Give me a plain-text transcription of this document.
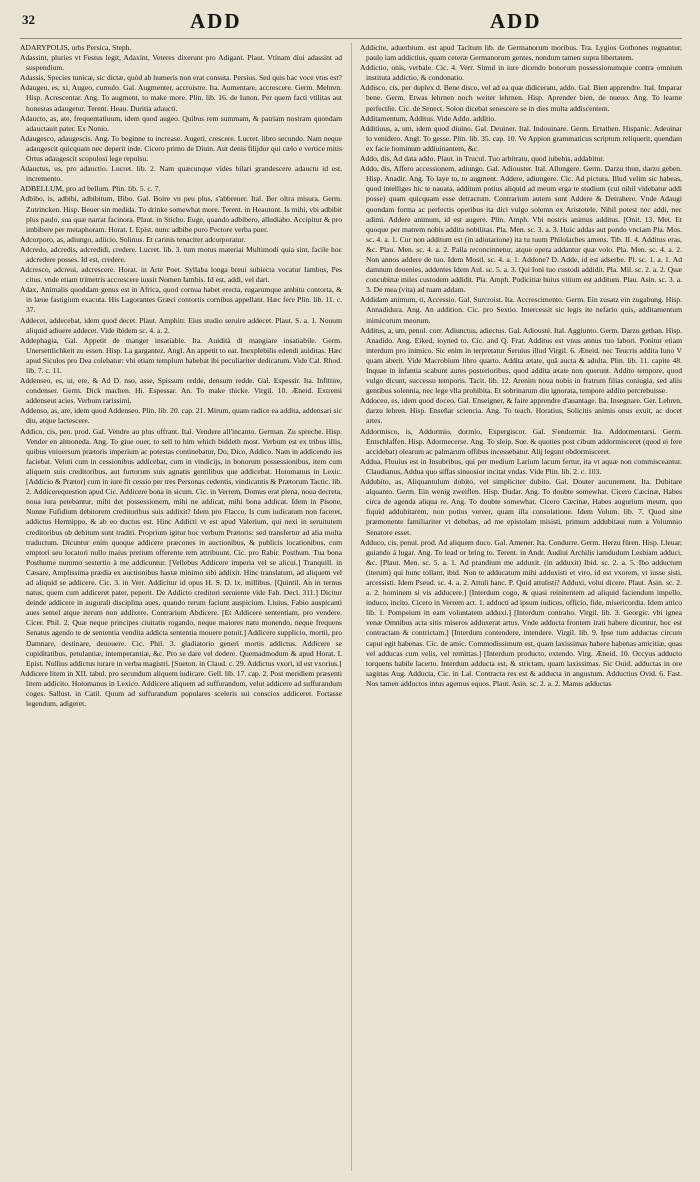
32	ADD	ADD

ADARYPOLIS, urbs Persica, Steph.

Adassint, pluries vt Festus legit, Adaxint, Veteres dixerunt pro Adigant. Plaut. Vtinam diui adassint ad suspendium.

Adassis, Species tunicæ, sic dictæ, quòd ab humeris non erat consuta. Persius. Sed quis hac voce vtus est?

Adaugeo, es, xi, Augeo, cumulo. Gal. Augmenter, accroistre. Ita. Aumentare, accrescere. Germ. Mehren. Hisp. Acrescentar. Ang. To augment, to make more. Plin. lib. 16. de Iunon. Per quem facti vtilitas aut honestas adaugetur. Terent. Heau. Duritia adaucti.

Adaucto, as, ate, frequentatiuum, idem quod augeo. Quibus rem summam, & patriam nostram quondam adauctauit pater. Ex Nonio.

Adaugesco, adaugescis. Ang. To beginne to increase. Augeri, crescere. Lucret. libro secundo. Nam neque adaugescit quicquam nec deperit inde. Cicero primo de Diuin. Aut denis filijdor qui cælo e vertice mitis Ortus adaugescit scopulosi lege repulsu.

Adauctus, us, pro adauctio. Lucret. lib. 2. Nam quæcunque vides hilari grandescere adauctu id est, incremento.

ADBELLUM, pro ad bellum. Plin. lib. 5. c. 7.

Adbibo, is, adbibi, adbibitum, Bibo. Gal. Boire vn peu plus, s'abbreuer. Ital. Ber oltra misura. Germ. Zutrincken. Hisp. Beuer sin medida. To drinke somewhat more. Terent. in Heautont. Is mihi, vbi adbibit plus paulo, sua quæ narrat facinora. Plaut. in Sticho. Euge, quando adbibero, alludiabo. Accipitur & pro imbibere per metaphoram. Horat. I. Epist. nunc adbibe puro Pectore verba puer.

Adcorporo, as, adiungo, adiicio. Solinus. Et carinis tenaciter adcorporatur.

Adcredo, adcredis, adcredidi, credere. Lucret. lib. 3. tum motus materiai Multimodi quia sint, facile hoc adcredere posses. Id est, credere.

Adcresco, adcreui, adcrescere. Horat. in Arte Poet. Syllaba longa breui subiecta vocatur Iambus, Pes citus. vnde etiam trimetris accrescere iussit Nomen Iambis. Id est, addi, vel dari.

Adax, Animalis quoddam genus est in Africa, quod cornua habet erecta, rugarumque ambitu contorta, & in læue fastigium exacuta. His Lagorantes Græci contortis cornibus appellant. Hæc fere Plin. lib. 11. c. 37.

Addecet, addecebat, idem quod decet. Plaut. Amphitr. Eius studio seruire addecet. Plaut. S. a. 1. Nouum aliquid adiuere addecet. Vide ibidem sc. 4. a. 2.

Addephagia, Gal. Appetit de manger insatiable. Ita. Auidità di mangiare insatiabile. Germ. Unersettlichkeit zu essen. Hisp. La gargantez. Angl. An appetit to eat. Inexplebilis edendi auiditas. Hæc apud Siculos pro Dea colebatur: vbi etiam templum habebat ibi peculiariter dedicatum. Vide Cal. Rhod. lib. 7. c. 11.

Addenseo, es, ui, ere, & Ad D. nso, asse, Spissum redde, densum redde. Gal. Espessir. Ita. Infittire, condenser. Germ. Dick machen. Hi. Espessar. An. To make thicke. Virgil. 10. Æneid. Extremi addenseut acies. Verbum rarissimi.

Addenso, as, are, idem quod Addenseo. Plin. lib. 20. cap. 21. Mirum, quam radice ea addita, addensari sic diu, atque lactescere.

Addico, cis, pen. prod. Gal. Vendre au plus offrant. Ital. Vendere all'incanto. German. Zu spreche. Hisp. Vender en almoneda. Ang. To giue ouer, to sell to him which biddeth most. Verbum est ex tribus illis, quibus vniuersum prætoris imperium ac potestas continebatur, Do, Dico, Addico. Nam in addicendo ius faciebat. Veluti cum in cessionibus addicebat, cum in vindicijs, in bonorum possessionibus, item cum aliquem suis creditoribus, aut furtorum suis agnatis gentilibus que addicebat. Hotomanus in Lexic. [Addicio & Prætor] cum in iure fit cessio per tres Personas cedentis, vindicantis & Prætorum Tactic. lib. 2. Addicerequestion apud Cic. Addicere bona in sicum. Cic. in Verrem, Domus erat plena, noua decreta, noua iura petebantur, mihi det possessionem, mihi ne addicat, mihi bona addicat. Idem in Pisone, Nonne Fufidium debitorem creditoribus suis addixit? Idem pro Flacco, Is cum iudicatum non faceret, addictus Hermippo, & ab eo ductus est. Hinc Addicti vt est apud Valerium, qui nexi in seruitutem creditoribus ob debitum sunt traditi. Proprium igitur hoc verbum Prætoris: sed transfertur ad alia multa traductum. Dicuntur enim quoque addicere præcones in auctionibus, & publicis locationibus, cum emptori seu locatori nullo maius pretium offerente rem attribuunt. Cic. pro Rabir. Posthum. Tua bona Posthume nummo sestertio à me addicuntur. [Vellebus Addicere imperia vel se alicui.] Tranquill. in Cæsare, Amplissima prædia ex auctionibus hastæ minimo sibi addixit. Hinc translatum, ad aliquem vel ad aliquid se addicere. Cic. 3. in Verr. Addicitur id opus H. S. D. lx. millibus. [Quintil. An in ternus natus, quem cum addiceret pater, peperit. De Addicto creditori seruiente vide Fab. Decl. 311.] Dicitur deinde addicere in augurali disciplina aues, quando rerum faciunt auspicium. Liuius, Fabio auspicanti aues semel atque iterum non addixere. Contrarium Abdicere. [Et Addicere sententiam, pro vendere. Cicer. Phil. 2. Quæ neque principes ciuitatis rogando, neque maiores natu monendo, neque frequens Senatus agendo te de sententia vendita addicta sententia mouere potuit.] Addicere supplicio, mortii, pro Damnare, destinare, deuouere. Cic. Phil. 3. gladiatorio generi mortis addictus. Addicere se cupiditatibus, petulantiæ, intemperantiæ, &c. Pro se dare vel dedere. Quemadmodum & apud Horat. I. Epist. Nullius addictus iurare in verba magistri. [Sueton. in Claud. c. 29. Addictus vxori, id est vxorius.]

Addicere litem in XII. tabul. pro secundum aliquem iudicare. Gell. lib. 17. cap. 2. Post meridiem præsenti litem addicito. Hotomanus in Lexico. Addicere aliquem ad suffurandum, velut addicere ad suffurandum coges. Sallust. in Catil. Quum ad suffurandum populares sceleris sui conscios addiceret. Fortasse legendum, adigeret.

Addicite, aduerbium. est apud Tacitum lib. de Germanorum moribus. Tra. Lygios Gothones regnantur, paulo iam addictius, quam ceteræ Germanorum gentes, nondum tamen supra libertatem.

Addictio, onis, verbale. Cic. 4. Verr. Simul in iure dicendo bonorum possessionumque contra omnium instituta addictio, & condonatio.

Addisco, cis, per duplex d. Bene disco, vel ad ea quæ didiceram, addo. Gal. Bien apprendre. Ital. Imparar bene. Germ. Etwas lehrnen noch weiter lehrnen. Hisp. Aprender bien, de nueuo. Ang. To learne perfectlie. Cic. de Senect. Solon dicebat senescere se in dies multa addiscentem.

Additamentum, Additus. Vide Addo. additio.

Additiuus, a, um, idem quod diuino. Gal. Deuiner. Ital. Indouinare. Germ. Errathen. Hispanic. Adeuinar lo venidero. Angl. To gesse. Plin. lib. 35. cap. 10. Ve Appion grammaticus scriptum reliquerit, quendam ex facie hominum addiuinantem, &c.

Addo, dis, Ad data addo. Plaut. in Trucul. Tuo arbitratu, quod iubebis, addabitur.

Addo, dis, Affero accessionem, adiungo. Gal. Adiouster. Ital. Allungere. Germ. Darzu thun, darzu geben. Hisp. Anadir. Ang. To laye to, to augment. Addere, adiungere. Cic. Ad pictura. Illud velim sic habeas, quod intelliges hic te nauata, additum potius aliquid ad meum erga te studium (cui nihil videbatur addi posse) quam quicquam esse detractum. Contrarium autem sunt Addere & Detrahere. Vnde Adaugi quondam forma ac perfectis operibus ita dici vulgo solemn ex Aristotele. Nihil potest nec addi, nec adimi. Addere animum, id est augere. Plin. Amph. Vbi nostris animus additus. [Onit. 13. Met. Et quoque per matrem nobis addita nobilitas. Pla. Men. sc. 3. a. 3. Huic addas aut pondo vnciam Pla. Mos. sc. 4. a. 1. Cur non additum est (in adiutarione) ita tu tuum Philolaches amens. Tib. II. 4. Additus eras, &c. Plau. Men. sc. 4. a. 2. Palla reconcinnetur, atque opera addantur quæ volo. Pla. Men. sc. 4. a. 2. Non annos addere de tuo. Idem Mostl. sc. 4. a. 1. Addone? D. Adde, id est adserbe. Pl. sc. 1. a. 1. Ad damnum deuenies, addentes Idem Aul. sc. 5. a. 3. Qui Ioni tuo custodi addidit. Pla. Mil. sc. 2. a. 2. Quæ concubinæ miles custodem addidit. Pla. Amph. Pudicitiæ huius vitium est additum. Plau. Asin. sc. 3. a. 3. De mea (vita) ad tuam addam.

Addidam animum, ti, Accessio. Gal. Surcroist. Ita. Accrescimento. Germ. Ein zusatz ein zugabung. Hisp. Annadidura. Ang. An addition. Cic. pro Sextio. Intercessit sic legis ite nefario quis, additamentum inimicorum meorum.

Additus, a, um, penul. corr. Adiunctus, adiectus. Gal. Adiousté. Ital. Aggiunto. Germ. Darzu gethan. Hisp. Anadido. Ang. Eiked, ioyned to. Cic. and Q. Frat. Additus est vnus annus tuo labori. Ponitur etiam interdum pro inimico. Sic enim in terpretatur Seruius illud Virgil. 6. Æneid. nec Teucris addita Iuno V quam aberit. Vide Macrobium libro quarto. Addita ætate, quâ aucta & adulta. Plin. lib. 11. capite 48. Inquae in infantia scabunt aures posterioribus, quod addita ætate non querunt. Addito tempore, quod vulgo dicunt, successu temporis. Tacit. lib. 12. Arenim noua nobis in fratrum filias coniugia, sed aliis gentibus solennia, nec lege vlla prohibita. Et sobrinarum diu ignorata, tempore addito percrebuisse.

Addoceo, es, idem quod doceo. Gal. Enseigner, & faire apprendre d'auantage. Ita. Insegnare. Ger. Lehren, darzu lehren. Hisp. Enseñar sciencia. Ang. To teach. Horatius, Solicitis animis onus exuit, ac docet artes.

Addormisco, is, Addormio, dormio, Expergiscor. Gal. S'endormir. Ita. Addormentarsi. Germ. Entschlaffen. Hisp. Adormecerse. Ang. To sleip. Sue. & quoties post cibum addormisceret (quod ei fere accidebat) olearum ac palmarum offibus incessebatur. Alij legunt obdormisceret.

Addua, Fluuius est in Insubribus, qui per medium Larium lacum fertur, ita vt aquæ non commisceantur. Claudianus, Addua quo siffas sinuosior incitat vndas. Vide Plin. lib. 2. c. 103.

Addubito, as, Aliquantulum dubito, vel simpliciter dubito. Gal. Douter aucunement. Ita. Dubitare alquanto. Germ. Ein wenig zweiflen. Hisp. Dudar. Ang. To doubte somewhat. Cicero Cæcinæ, Habes circa de agenda aliqua re. Ang. To doubte somewhat. Cicero Cæcinæ, Habes augurium meum, quo fiquid addubitarem, non potius vereer, quam illa consolatione. Idem Volum. lib. 7. Quod sine præmonente familiariter vt debebas, ad me epistolam misisti, primum addubitaui num a Volumnio Senatore esset.

Adduco, cis, penul. prod. Ad aliquem duco. Gal. Amener. Ita. Condurre. Germ. Herzu füren. Hisp. Lleuar, guiando á lugar. Ang. To lead or bring to. Terent. in Andr. Audiui Archilis iamdudum Lesbiam adduci, &c. [Plaut. Men. sc. 5. a. 1. Ad prandium me adduxit. (in adduxit) Ibid. sc. 2. a. 5. Ibo adductum (iterum) qui hunc tollant, ibid. Non te adducatum mihi adduxisti et viro, id est vxorem, vt iusse sisti, arcessisti. Idem Pseud. sc. 4. a. 2. Attuli hanc. P. Quid attulisti? Adduxi, volui dicere. Plaut. Asin. sc. 2. a. 2. hominem si vis adducere.] [Interdum cogo, & quasi reinitentem ad aliquid faciendum impello, induco, incito. Cicero in Verrem act. 1. adducti ad ipsum iudices, officio, fide, misericordia. Idem attico lib. 1. Pompeium in eam voluntatem adduxi.] [Interdum contraho. Virgil. lib. 3. Georgic. vbi ignea venæ Omnibus acta sitis miseros adduxerat artus. Vnde adducta frontem irati habere dicuntur, hoc est contractam & contrictam.] [Interdum contendere, intendere. Virgil. lib. 9. Ipse tum adductas circum caput egit habenas. Cic. de amic. Commodissimum est, quam laxissimas habere habenas amicitiæ, quas vel adducas cum velis, vel remittas.] [Interdum producto, extendo. Virg. Æneid. 10. Occyus adducto torquens habile lacerto. Interdum adducta est, & strictam, quam laxissimas. Sic Ouid. adductas in ore sagittas Aug. Adducta, Cic. in Lal. Contracta res est & adducta in angustum. Adductius Ovid. 6. Fast. Nos tamen adductos intus agemus equos. Plaut. Asin. sc. 2. a. 2. Manus adductas
